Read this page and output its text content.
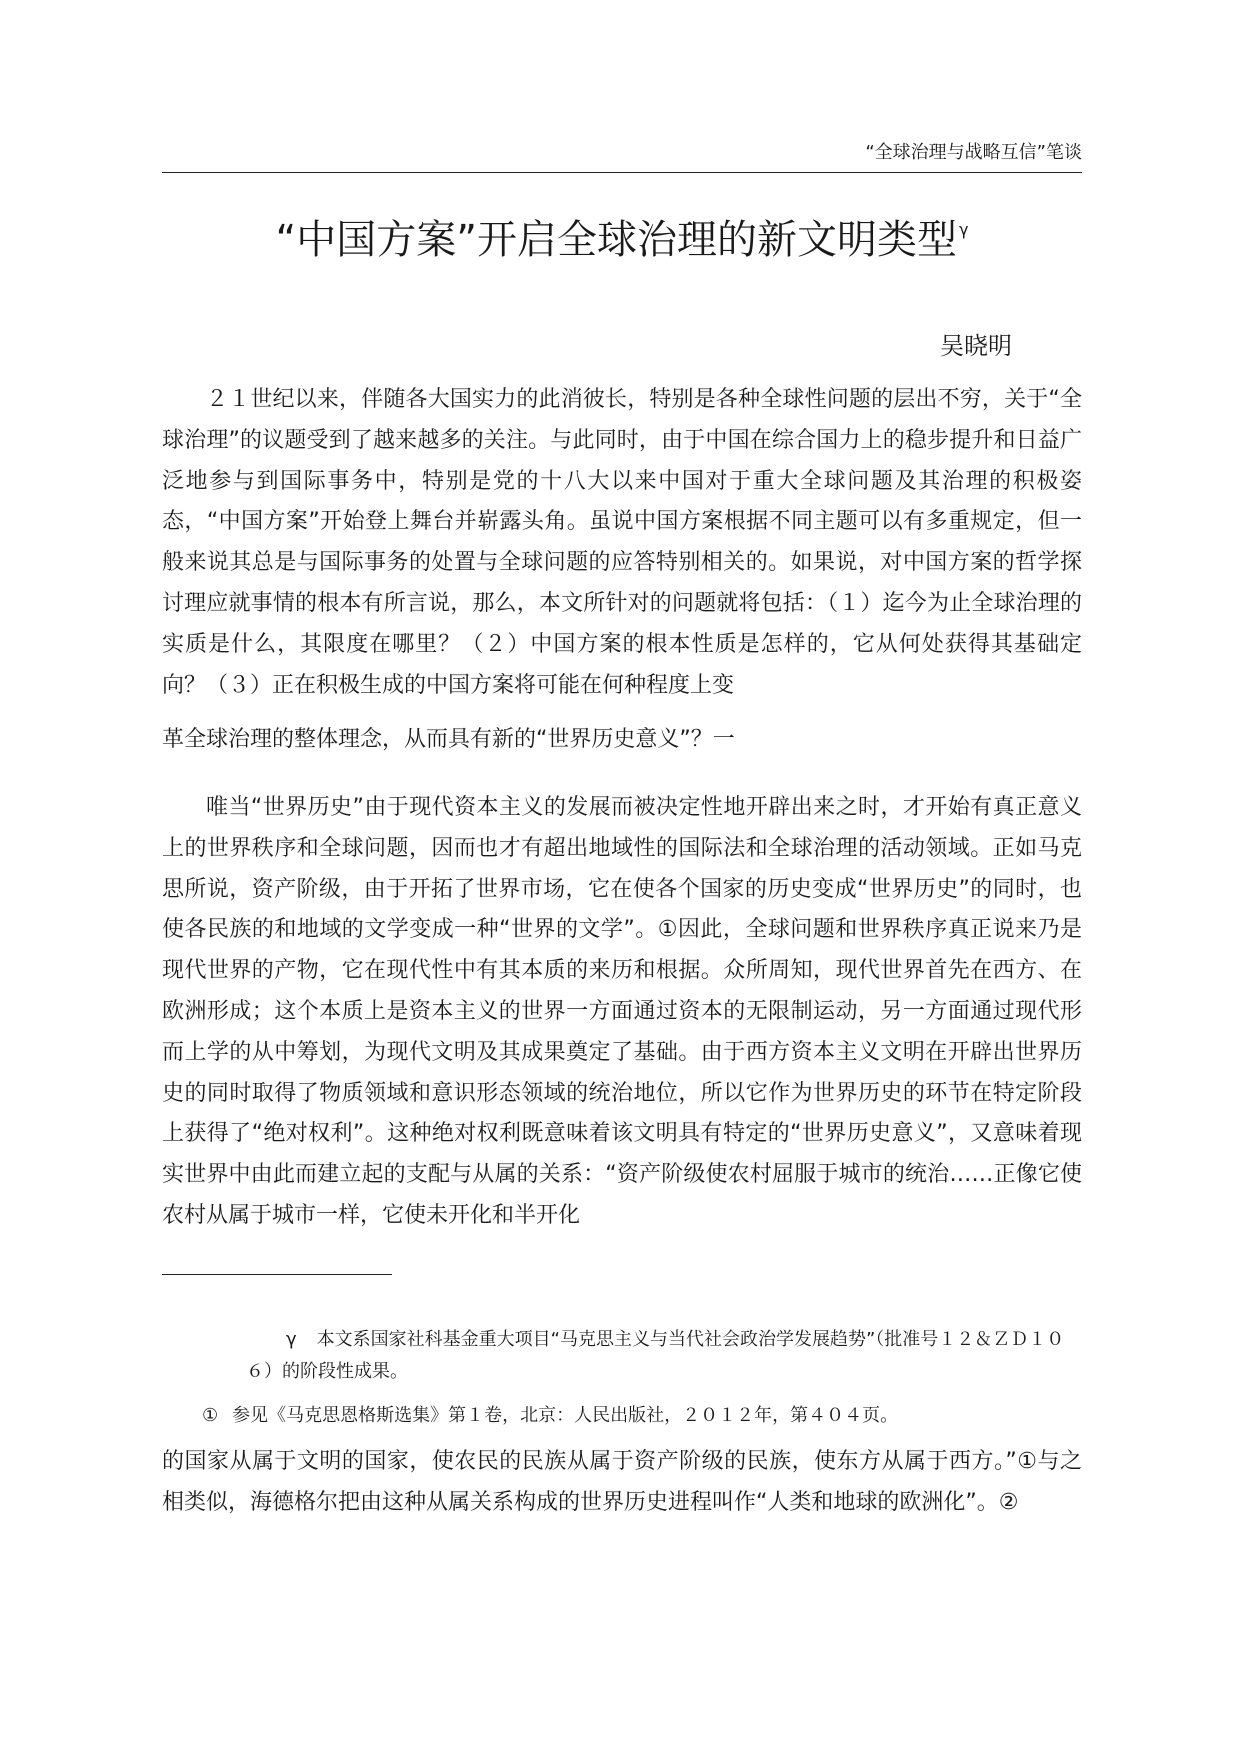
“全球治理与战略互信”笔谈
“中国方案”开启全球治理的新文明类型 $^\gamma$
吴晓明

２１世纪以来，伴随各大国实力的此消彼长，特别是各种全球性问题的层出不穷，关于“全球治理”的议题受到了越来越多的关注。与此同时，由于中国在综合国力上的稳步提升和日益广泛地参与到国际事务中，特别是党的十八大以来中国对于重大全球问题及其治理的积极姿态，“中国方案”开始登上舞台并崭露头角。虽说中国方案根据不同主题可以有多重规定，但一般来说其总是与国际事务的处置与全球问题的应答特别相关的。如果说，对中国方案的哲学探讨理应就事情的根本有所言说，那么，本文所针对的问题就将包括：（１）迄今为止全球治理的实质是什么，其限度在哪里？（２）中国方案的根本性质是怎样的，它从何处获得其基础定向？（３）正在积极生成的中国方案将可能在何种程度上变

革全球治理的整体理念，从而具有新的“世界历史意义”？一

唯当“世界历史”由于现代资本主义的发展而被决定性地开辟出来之时，才开始有真正意义上的世界秩序和全球问题，因而也才有超出地域性的国际法和全球治理的活动领域。正如马克思所说，资产阶级，由于开拓了世界市场，它在使各个国家的历史变成“世界历史”的同时，也使各民族的和地域的文学变成一种“世界的文学”。①因此，全球问题和世界秩序真正说来乃是现代世界的产物，它在现代性中有其本质的来历和根据。众所周知，现代世界首先在西方、在欧洲形成；这个本质上是资本主义的世界一方面通过资本的无限制运动，另一方面通过现代形而上学的从中筹划，为现代文明及其成果奠定了基础。由于西方资本主义文明在开辟出世界历史的同时取得了物质领域和意识形态领域的统治地位，所以它作为世界历史的环节在特定阶段上获得了“绝对权利”。这种绝对权利既意味着该文明具有特定的“世界历史意义”，又意味着现实世界中由此而建立起的支配与从属的关系：“资产阶级使农村屈服于城市的统治……正像它使农村从属于城市一样，它使未开化和半开化

γ 本文系国家社科基金重大项目“马克思主义与当代社会政治学发展趋势”（批准号１２＆ＺＤ１０６）的阶段性成果。

① 参见《马克思恩格斯选集》第１卷，北京：人民出版社，２０１２年，第４０４页。

的国家从属于文明的国家，使农民的民族从属于资产阶级的民族，使东方从属于西方。”①与之相类似，海德格尔把由这种从属关系构成的世界历史进程叫作“人类和地球的欧洲化”。②
